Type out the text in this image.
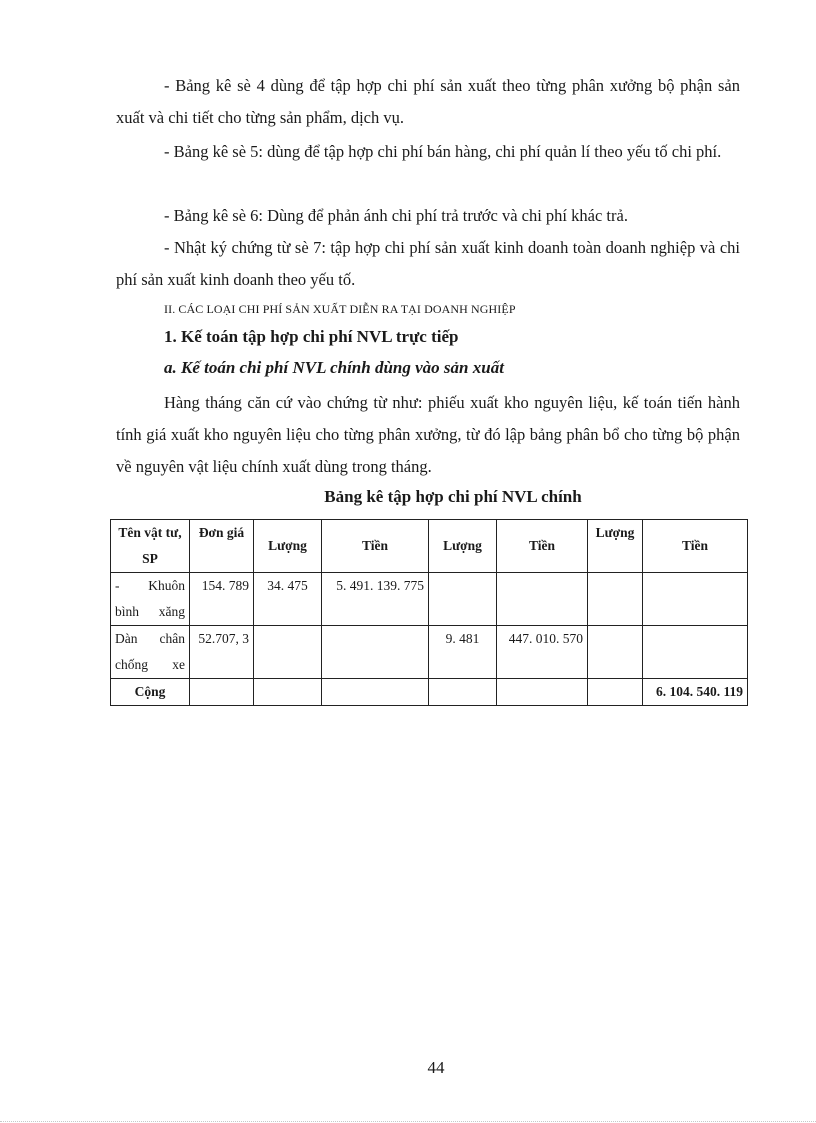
- Bảng kê sè 4 dùng để tập hợp chi phí sản xuất theo từng phân xưởng bộ phận sản xuất và chi tiết cho từng sản phẩm, dịch vụ.

- Bảng kê sè 5: dùng để tập hợp chi phí bán hàng, chi phí quản lí theo yếu tố chi phí.

- Bảng kê sè 6: Dùng để phản ánh chi phí trả trước và chi phí khác trả.

- Nhật ký chứng từ sè 7: tập hợp chi phí sản xuất kinh doanh toàn doanh nghiệp và chi phí sản xuất kinh doanh theo yếu tố.

II. CÁC LOẠI CHI PHÍ SẢN XUẤT DIỄN RA TẠI DOANH NGHIỆP
1. Kế toán tập hợp chi phí NVL trực tiếp
a. Kế toán chi phí NVL chính dùng vào sản xuất

Hàng tháng căn cứ vào chứng từ như: phiếu xuất kho nguyên liệu, kế toán tiến hành tính giá xuất kho nguyên liệu cho từng phân xưởng, từ đó lập bảng phân bổ cho từng bộ phận về nguyên vật liệu chính xuất dùng trong tháng.

Bảng kê tập hợp chi phí NVL chính
Tên vật tư, SP	Đơn giá	Lượng	Tiền	Lượng	Tiền	Lượng	Tiền
- Khuôn bình xăng	154. 789	34. 475	5. 491. 139. 775				
Dàn chân chống xe	52.707, 3			9. 481	447. 010. 570		
Cộng							6. 104. 540. 119
44
